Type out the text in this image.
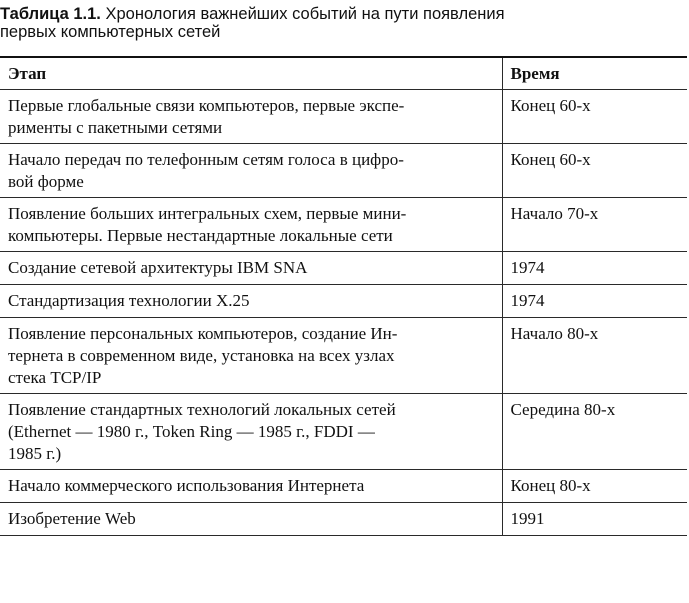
Таблица 1.1. Хронология важнейших событий на пути появления
первых компьютерных сетей
Этап	Время
Первые глобальные связи компьютеров, первые экспе-
рименты с пакетными сетями	Конец 60-х
Начало передач по телефонным сетям голоса в цифро-
вой форме	Конец 60-х
Появление больших интегральных схем, первые мини-
компьютеры. Первые нестандартные локальные сети	Начало 70-х
Создание сетевой архитектуры IBM SNA	1974
Стандартизация технологии X.25	1974
Появление персональных компьютеров, создание Ин-
тернета в современном виде, установка на всех узлах
стека TCP/IP	Начало 80-х
Появление стандартных технологий локальных сетей
(Ethernet — 1980 г., Token Ring — 1985 г., FDDI —
1985 г.)	Середина 80-х
Начало коммерческого использования Интернета	Конец 80-х
Изобретение Web	1991
